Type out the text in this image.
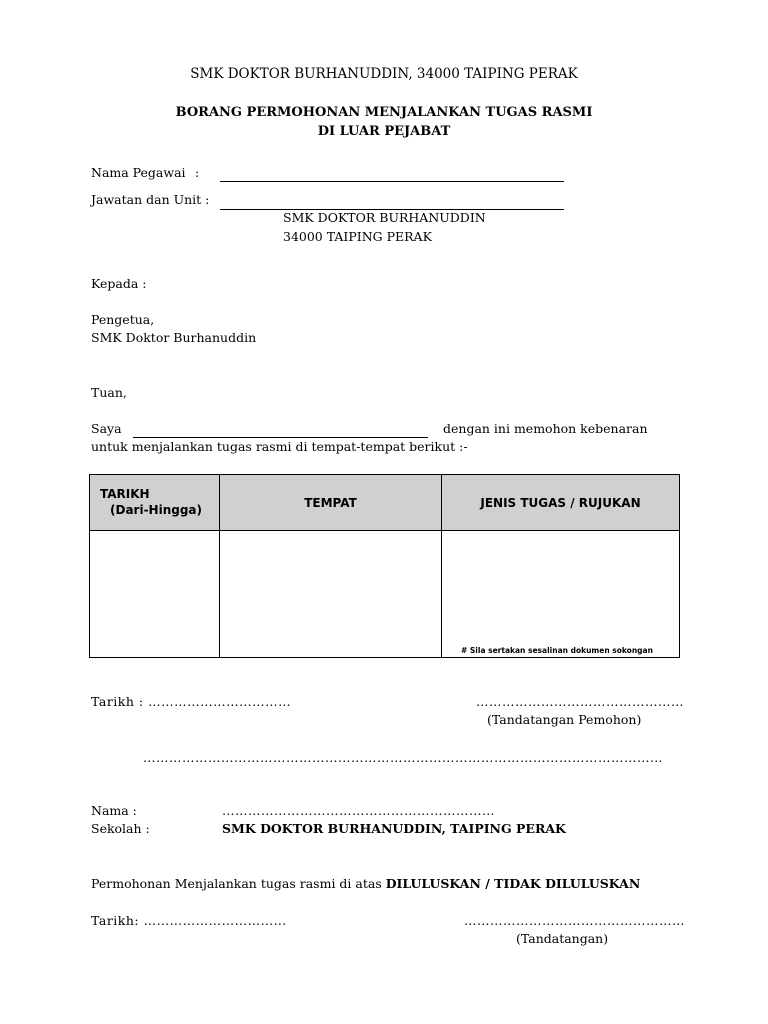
SMK DOKTOR BURHANUDDIN, 34000 TAIPING PERAK
BORANG PERMOHONAN MENJALANKAN TUGAS RASMI
DI LUAR PEJABAT
Nama Pegawai :
Jawatan dan Unit :
SMK DOKTOR BURHANUDDIN
34000 TAIPING PERAK
Kepada :
Pengetua,
SMK Doktor Burhanuddin
Tuan,
Saya	dengan ini memohon kebenaran
untuk menjalankan tugas rasmi di tempat-tempat berikut :-
TARIKH
(Dari-Hingga)	TEMPAT	JENIS TUGAS / RUJUKAN

		# Sila sertakan sesalinan dokumen sokongan
Tarikh : ……………………………	…………………………………………
(Tandatangan Pemohon)
…………………………………………………………………………………………………………
Nama :	………………………………………………………
Sekolah :	SMK DOKTOR BURHANUDDIN, TAIPING PERAK
Permohonan Menjalankan tugas rasmi di atas DILULUSKAN / TIDAK DILULUSKAN
Tarikh: ……………………………	……………………………………………
(Tandatangan)
